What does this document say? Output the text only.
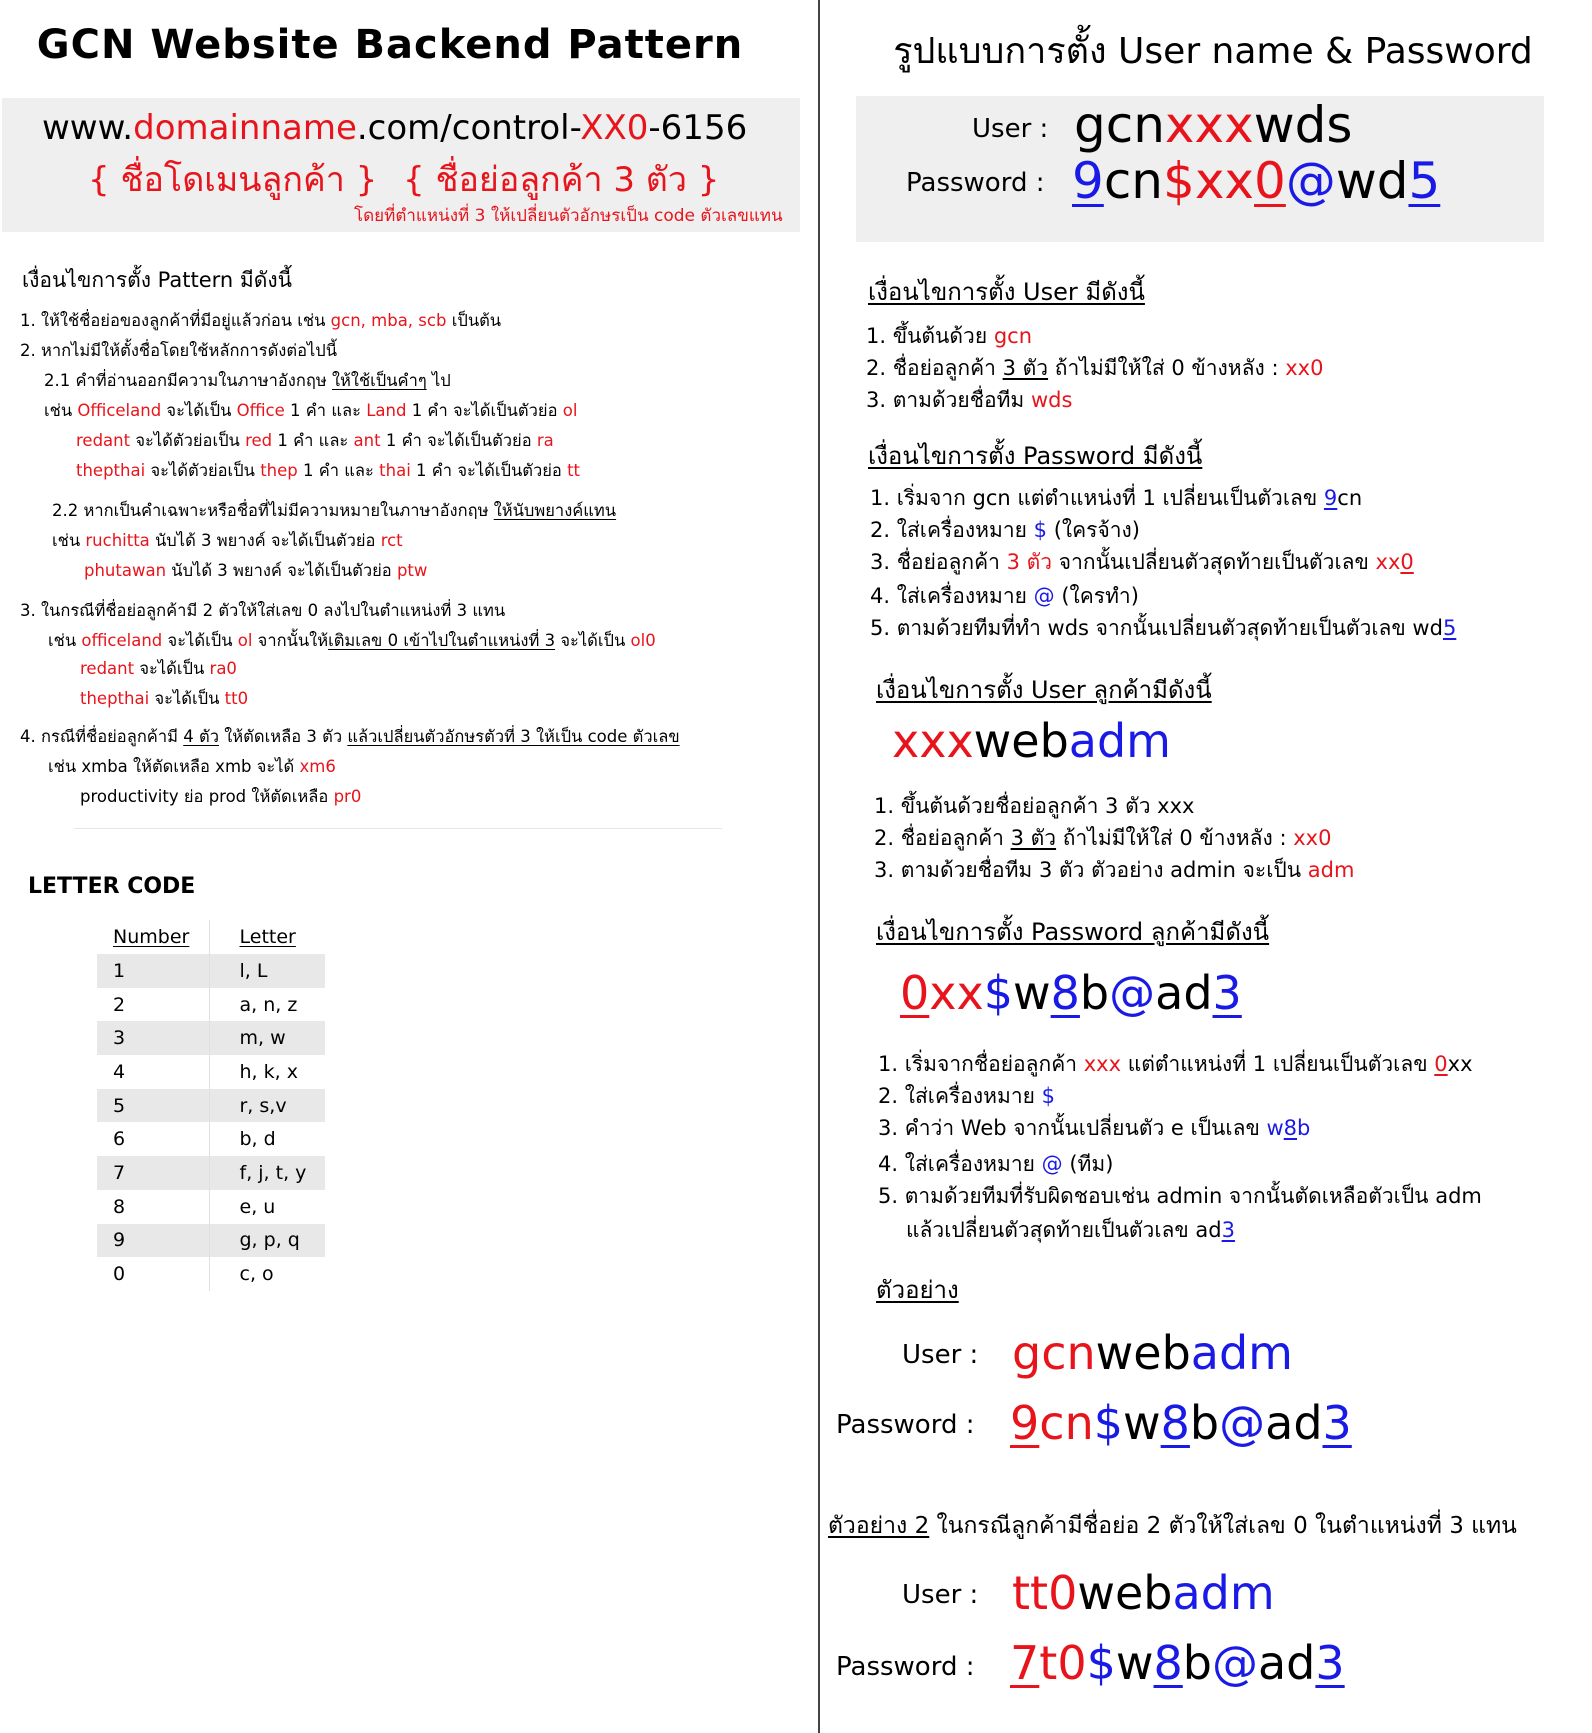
GCN Website Backend Pattern
www.domainname.com/control-XX0-6156
{ ชื่อโดเมนลูกค้า } { ชื่อย่อลูกค้า 3 ตัว }
โดยที่ตำแหน่งที่ 3 ให้เปลี่ยนตัวอักษรเป็น code ตัวเลขแทน
เงื่อนไขการตั้ง Pattern มีดังนี้
1. ให้ใช้ชื่อย่อของลูกค้าที่มีอยู่แล้วก่อน เช่น gcn, mba, scb เป็นต้น
2. หากไม่มีให้ตั้งชื่อโดยใช้หลักการดังต่อไปนี้
2.1 คำที่อ่านออกมีความในภาษาอังกฤษ ให้ใช้เป็นคำๆ ไป
เช่น Officeland จะได้เป็น Office 1 คำ และ Land 1 คำ จะได้เป็นตัวย่อ ol
redant จะได้ตัวย่อเป็น red 1 คำ และ ant 1 คำ จะได้เป็นตัวย่อ ra
thepthai จะได้ตัวย่อเป็น thep 1 คำ และ thai 1 คำ จะได้เป็นตัวย่อ tt
2.2 หากเป็นคำเฉพาะหรือชื่อที่ไม่มีความหมายในภาษาอังกฤษ ให้นับพยางค์แทน
เช่น ruchitta นับได้ 3 พยางค์ จะได้เป็นตัวย่อ rct
phutawan นับได้ 3 พยางค์ จะได้เป็นตัวย่อ ptw
3. ในกรณีที่ชื่อย่อลูกค้ามี 2 ตัวให้ใส่เลข 0 ลงไปในตำแหน่งที่ 3 แทน
เช่น officeland จะได้เป็น ol จากนั้นให้เติมเลข 0 เข้าไปในตำแหน่งที่ 3 จะได้เป็น ol0
redant จะได้เป็น ra0
thepthai จะได้เป็น tt0
4. กรณีที่ชื่อย่อลูกค้ามี 4 ตัว ให้ตัดเหลือ 3 ตัว แล้วเปลี่ยนตัวอักษรตัวที่ 3 ให้เป็น code ตัวเลข
เช่น xmba ให้ตัดเหลือ xmb จะได้ xm6
productivity ย่อ prod ให้ตัดเหลือ pr0
LETTER CODE
Number	Letter
1	l, L
2	a, n, z
3	m, w
4	h, k, x
5	r, s,v
6	b, d
7	f, j, t, y
8	e, u
9	g, p, q
0	c, o
รูปแบบการตั้ง User name & Password
User : gcnxxxwds
Password : 9cn$xx0@wd5
เงื่อนไขการตั้ง User มีดังนี้
1. ขึ้นต้นด้วย gcn
2. ชื่อย่อลูกค้า 3 ตัว ถ้าไม่มีให้ใส่ 0 ข้างหลัง : xx0
3. ตามด้วยชื่อทีม wds
เงื่อนไขการตั้ง Password มีดังนี้
1. เริ่มจาก gcn แต่ตำแหน่งที่ 1 เปลี่ยนเป็นตัวเลข 9cn
2. ใส่เครื่องหมาย $ (ใครจ้าง)
3. ชื่อย่อลูกค้า 3 ตัว จากนั้นเปลี่ยนตัวสุดท้ายเป็นตัวเลข xx0
4. ใส่เครื่องหมาย @ (ใครทำ)
5. ตามด้วยทีมที่ทำ wds จากนั้นเปลี่ยนตัวสุดท้ายเป็นตัวเลข wd5
เงื่อนไขการตั้ง User ลูกค้ามีดังนี้
xxxwebadm
1. ขึ้นต้นด้วยชื่อย่อลูกค้า 3 ตัว xxx
2. ชื่อย่อลูกค้า 3 ตัว ถ้าไม่มีให้ใส่ 0 ข้างหลัง : xx0
3. ตามด้วยชื่อทีม 3 ตัว ตัวอย่าง admin จะเป็น adm
เงื่อนไขการตั้ง Password ลูกค้ามีดังนี้
0xx$w8b@ad3
1. เริ่มจากชื่อย่อลูกค้า xxx แต่ตำแหน่งที่ 1 เปลี่ยนเป็นตัวเลข 0xx
2. ใส่เครื่องหมาย $
3. คำว่า Web จากนั้นเปลี่ยนตัว e เป็นเลข w8b
4. ใส่เครื่องหมาย @ (ทีม)
5. ตามด้วยทีมที่รับผิดชอบเช่น admin จากนั้นตัดเหลือตัวเป็น adm
แล้วเปลี่ยนตัวสุดท้ายเป็นตัวเลข ad3
ตัวอย่าง
User : gcnwebadm
Password : 9cn$w8b@ad3
ตัวอย่าง 2 ในกรณีลูกค้ามีชื่อย่อ 2 ตัวให้ใส่เลข 0 ในตำแหน่งที่ 3 แทน
User : tt0webadm
Password : 7t0$w8b@ad3
